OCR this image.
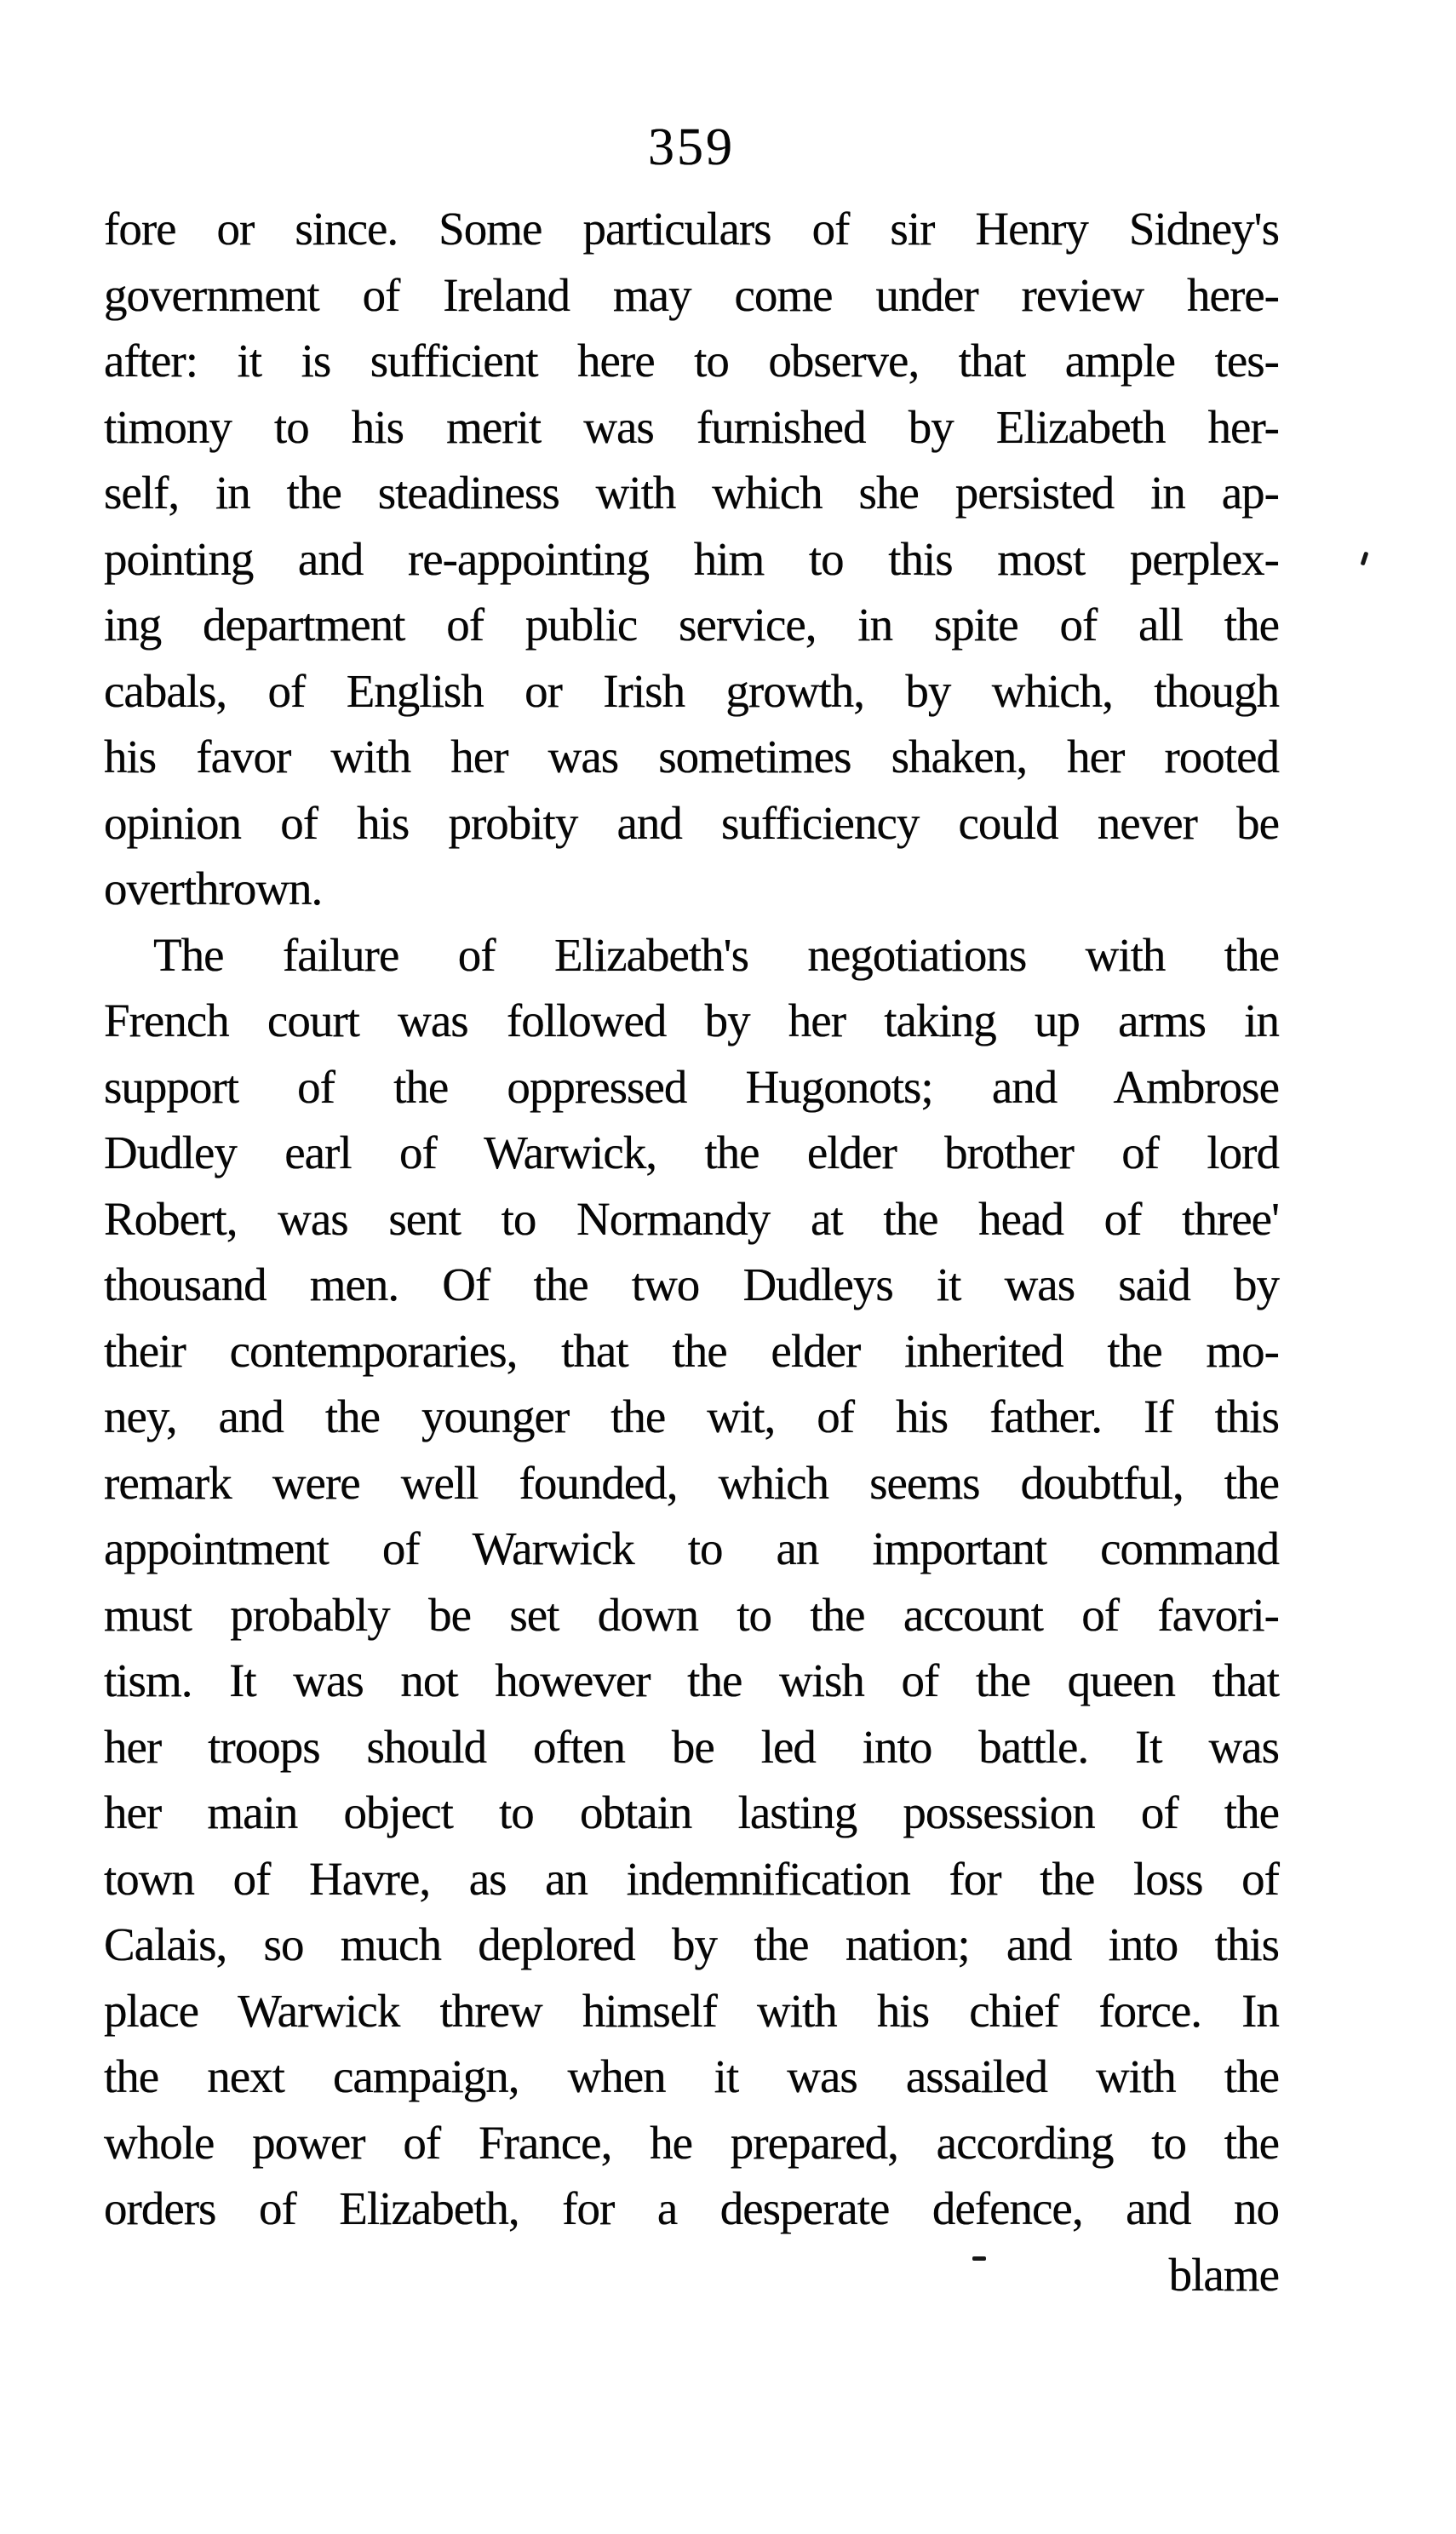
359
fore or since. Some particulars of sir Henry Sidney's
government of Ireland may come under review here-
after: it is sufficient here to observe, that ample tes-
timony to his merit was furnished by Elizabeth her-
self, in the steadiness with which she persisted in ap-
pointing and re-appointing him to this most perplex-
ing department of public service, in spite of all the
cabals, of English or Irish growth, by which, though
his favor with her was sometimes shaken, her rooted
opinion of his probity and sufficiency could never be
overthrown.
The failure of Elizabeth's negotiations with the
French court was followed by her taking up arms in
support of the oppressed Hugonots; and Ambrose
Dudley earl of Warwick, the elder brother of lord
Robert, was sent to Normandy at the head of three'
thousand men. Of the two Dudleys it was said by
their contemporaries, that the elder inherited the mo-
ney, and the younger the wit, of his father. If this
remark were well founded, which seems doubtful, the
appointment of Warwick to an important command
must probably be set down to the account of favori-
tism. It was not however the wish of the queen that
her troops should often be led into battle. It was
her main object to obtain lasting possession of the
town of Havre, as an indemnification for the loss of
Calais, so much deplored by the nation; and into this
place Warwick threw himself with his chief force. In
the next campaign, when it was assailed with the
whole power of France, he prepared, according to the
orders of Elizabeth, for a desperate defence, and no
blame
